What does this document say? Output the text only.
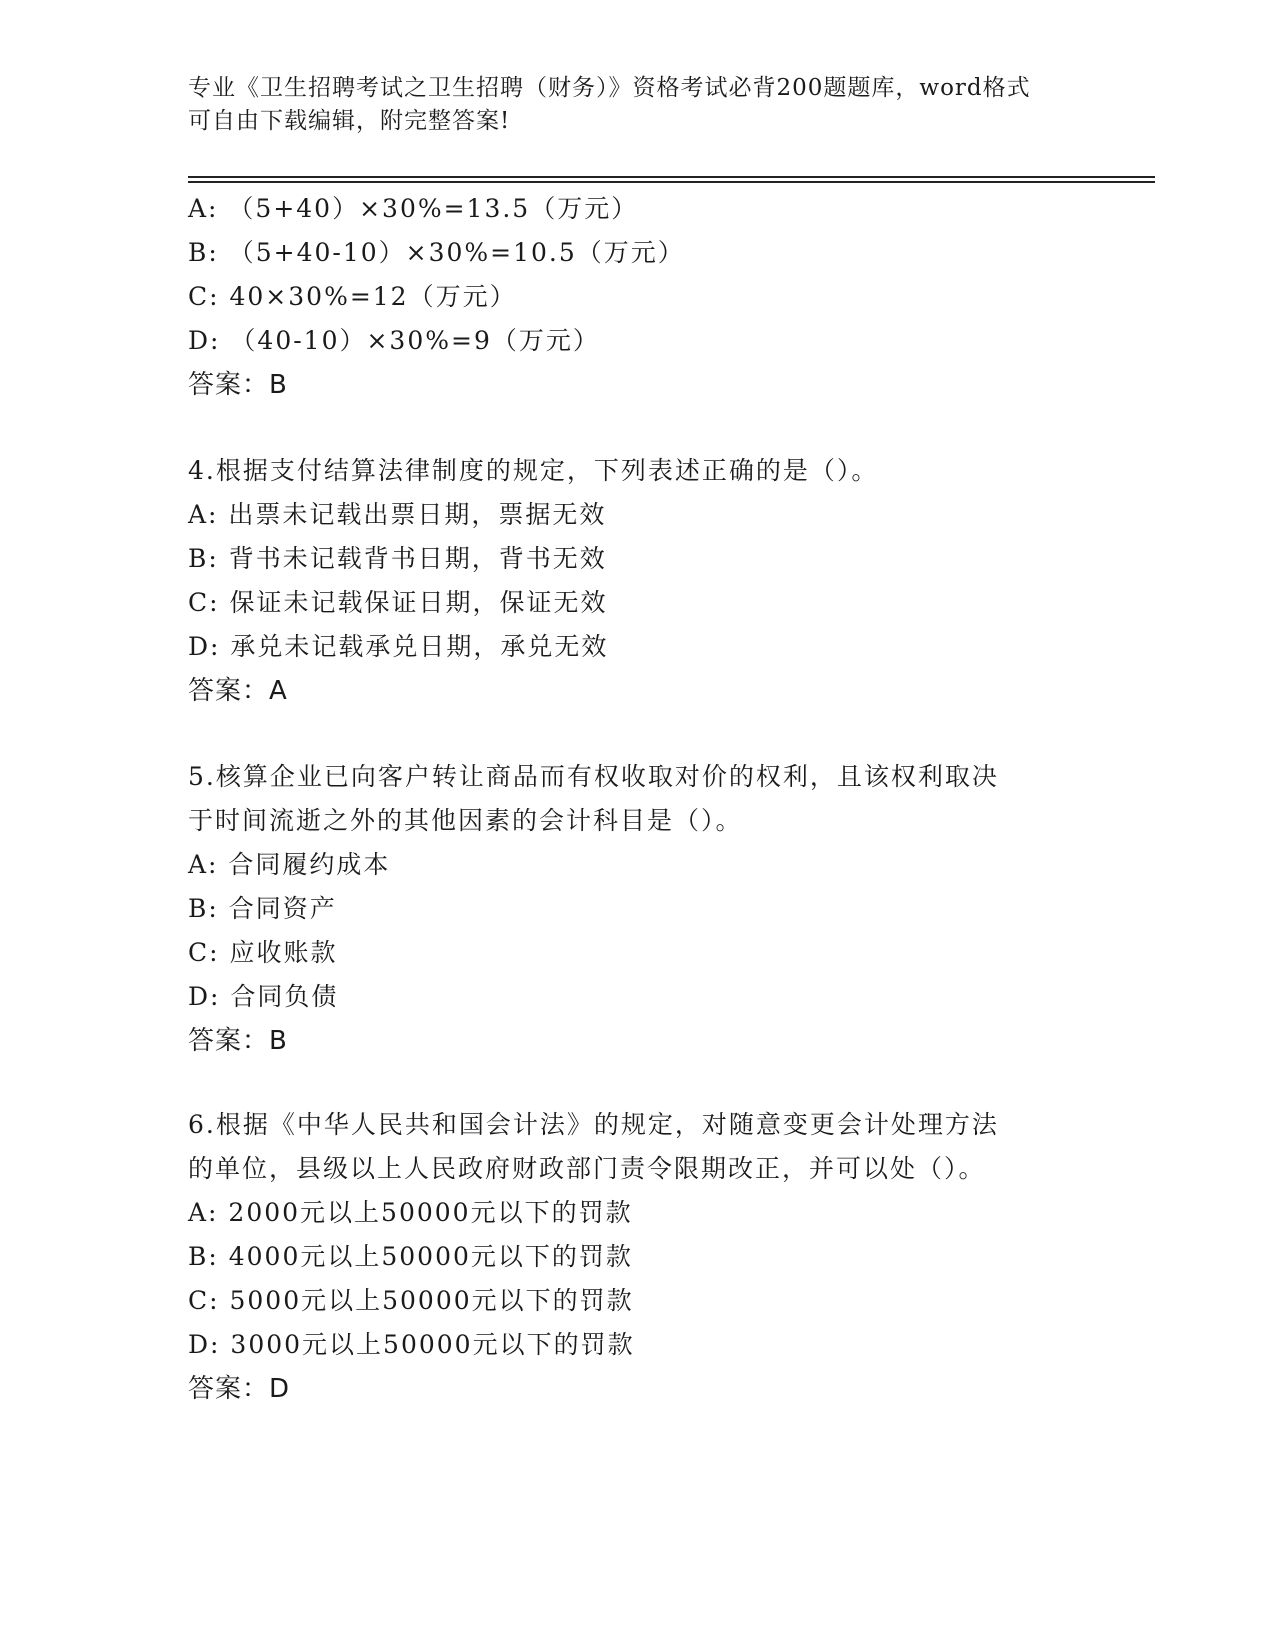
专业《卫生招聘考试之卫生招聘（财务）》资格考试必背200题题库，word格式
可自由下载编辑，附完整答案!
A: （5+40）×30%=13.5（万元）
B: （5+40-10）×30%=10.5（万元）
C: 40×30%=12（万元）
D: （40-10）×30%=9（万元）
答案：B
4.根据支付结算法律制度的规定，下列表述正确的是（）。
A: 出票未记载出票日期，票据无效
B: 背书未记载背书日期，背书无效
C: 保证未记载保证日期，保证无效
D: 承兑未记载承兑日期，承兑无效
答案：A
5.核算企业已向客户转让商品而有权收取对价的权利，且该权利取决
于时间流逝之外的其他因素的会计科目是（）。
A: 合同履约成本
B: 合同资产
C: 应收账款
D: 合同负债
答案：B
6.根据《中华人民共和国会计法》的规定，对随意变更会计处理方法
的单位，县级以上人民政府财政部门责令限期改正，并可以处（）。
A: 2000元以上50000元以下的罚款
B: 4000元以上50000元以下的罚款
C: 5000元以上50000元以下的罚款
D: 3000元以上50000元以下的罚款
答案：D
